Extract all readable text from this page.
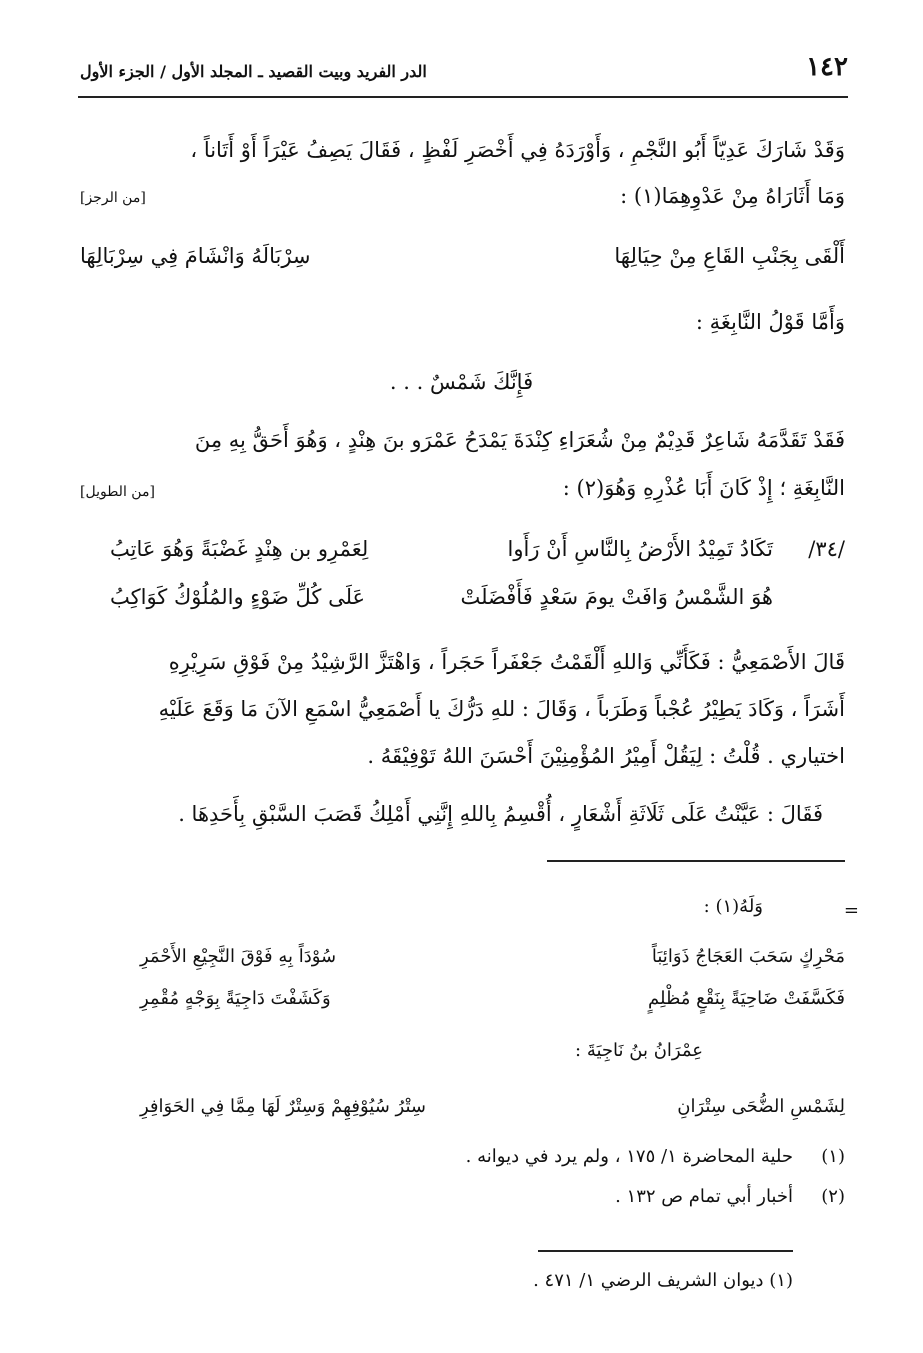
١٤٢
الدر الفريد وبيت القصيد ـ المجلد الأول / الجزء الأول
وَقَدْ شَارَكَ عَدِيّاً أَبُو النَّجْمِ ، وَأَوْرَدَهُ فِي أَخْصَرِ لَفْظٍ ، فَقَالَ يَصِفُ عَيْرَاً أَوْ أَتَاناً ،
وَمَا أَثَارَاهُ مِنْ عَدْوِهِمَا(١) :
[من الرجز]
أَلْقَى بِجَنْبِ القَاعِ مِنْ حِيَالِهَا
سِرْبَالَهُ وَانْشَامَ فِي سِرْبَالِهَا
وَأَمَّا قَوْلُ النَّابِغَةِ :
فَإِنَّكَ شَمْسٌ . . .
فَقَدْ تَقَدَّمَهُ شَاعِرٌ قَدِيْمٌ مِنْ شُعَرَاءِ كِنْدَةَ يَمْدَحُ عَمْرَو بنَ هِنْدٍ ، وَهُوَ أَحَقُّ بِهِ مِنَ
النَّابِغَةِ ؛ إِذْ كَانَ أَبَا عُذْرِهِ وَهُوَ(٢) :
[من الطويل]
/٣٤/
تَكَادُ تَمِيْدُ الأَرْضُ بِالنَّاسِ أَنْ رَأَوا
لِعَمْرِو بن هِنْدٍ غَضْبَةً وَهُوَ عَاتِبُ
هُوَ الشَّمْسُ وَافَتْ يومَ سَعْدٍ فَأَفْضَلَتْ
عَلَى كُلِّ ضَوْءٍ والمُلُوْكُ كَوَاكِبُ
قَالَ الأَصْمَعِيُّ : فَكَأَنِّي وَاللهِ أَلْقَمْتُ جَعْفَراً حَجَراً ، وَاهْتَزَّ الرَّشِيْدُ مِنْ فَوْقِ سَرِيْرِهِ
أَشَرَاً ، وَكَادَ يَطِيْرُ عُجْباً وَطَرَباً ، وَقَالَ : للهِ دَرُّكَ يا أَصْمَعِيُّ اسْمَعِ الآنَ مَا وَقَعَ عَلَيْهِ
اختياري . قُلْتُ : لِيَقُلْ أَمِيْرُ المُؤْمِنِيْنَ أَحْسَنَ اللهُ تَوْفِيْقَهُ .
فَقَالَ : عَيَّنْتُ عَلَى ثَلَاثَةِ أَشْعَارٍ ، أُقْسِمُ بِاللهِ إِنَّنِي أَمْلِكُ قَصَبَ السَّبْقِ بِأَحَدِهَا .
=
وَلَهُ(١) :
مَحْرِكٍ سَحَبَ العَجَاجُ ذَوَائِبَاً
سُوْدَاً بِهِ فَوْقَ النَّجِيْعِ الأَحْمَرِ
فَكَسَّفَتْ ضَاحِيَةً بِنَقْعٍ مُظْلِمٍ
وَكَشَفْتَ دَاجِيَةً بِوَجْهٍ مُقْمِرِ
عِمْرَانُ بنُ نَاجِيَةَ :
لِشَمْسِ الضُّحَى سِتْرَانِ
سِتْرُ سُيُوْفِهِمْ وَسِتْرٌ لَهَا مِمَّا فِي الحَوَافِرِ
(١)
حلية المحاضرة ١/ ١٧٥ ، ولم يرد في ديوانه .
(٢)
أخبار أبي تمام ص ١٣٢ .
(١) ديوان الشريف الرضي ١/ ٤٧١ .
